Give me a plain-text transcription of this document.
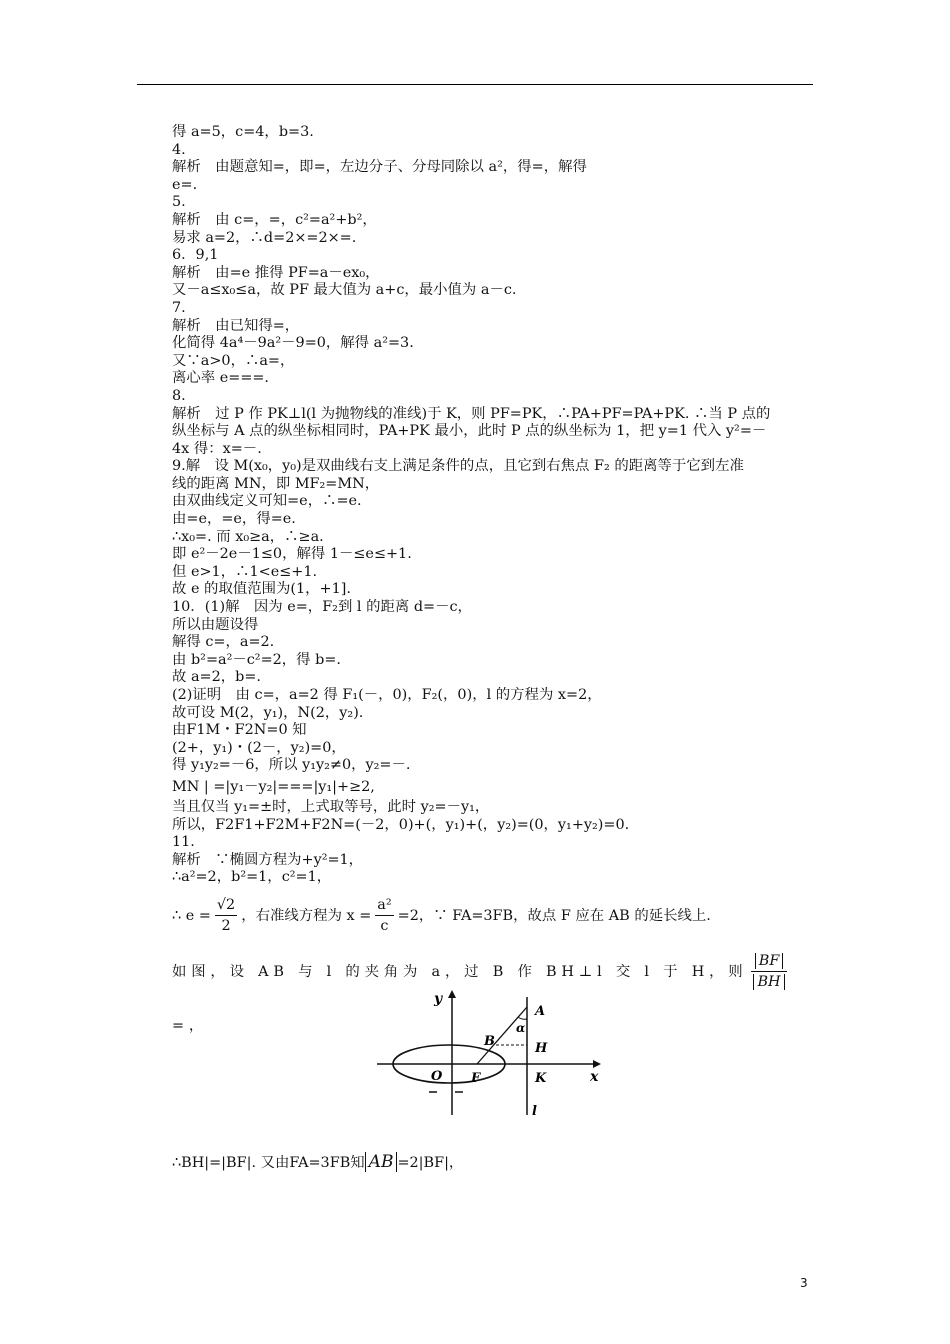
得 a=5，c=4，b=3.
4.
解析　由题意知=，即=，左边分子、分母同除以 a²，得=，解得
e=.
5.
解析　由 c=，=，c²=a²+b²，
易求 a=2，∴d=2×=2×=.
6．9,1
解析　由=e 推得 PF=a－ex₀，
又－a≤x₀≤a，故 PF 最大值为 a+c，最小值为 a－c.
7.
解析　由已知得=，
化简得 4a⁴－9a²－9=0，解得 a²=3.
又∵a>0，∴a=，
离心率 e===.
8.
解析　过 P 作 PK⊥l(l 为抛物线的准线)于 K，则 PF=PK，∴PA+PF=PA+PK. ∴当 P 点的
纵坐标与 A 点的纵坐标相同时，PA+PK 最小，此时 P 点的纵坐标为 1，把 y=1 代入 y²=－
4x 得：x=－.
9.解　设 M(x₀，y₀)是双曲线右支上满足条件的点，且它到右焦点 F₂ 的距离等于它到左准
线的距离 MN，即 MF₂=MN，
由双曲线定义可知=e，∴=e.
由=e，=e，得=e.
∴x₀=. 而 x₀≥a，∴≥a.
即 e²－2e－1≤0，解得 1－≤e≤+1.
但 e>1，∴1<e≤+1.
故 e 的取值范围为(1，+1].
10．(1)解　因为 e=，F₂到 l 的距离 d=－c，
所以由题设得
解得 c=，a=2.
由 b²=a²－c²=2，得 b=.
故 a=2，b=.
(2)证明　由 c=，a=2 得 F₁(－，0)，F₂(，0)，l 的方程为 x=2，
故可设 M(2，y₁)，N(2，y₂).
由F1M・F2N=0 知
(2+，y₁)・(2－，y₂)=0，
得 y₁y₂=－6，所以 y₁y₂≠0，y₂=－.
MN | =|y₁－y₂|===|y₁|+≥2,
当且仅当 y₁=±时，上式取等号，此时 y₂=－y₁，
所以，F2F1+F2M+F2N=(－2，0)+(，y₁)+(，y₂)=(0，y₁+y₂)=0.
11.
解析　∵椭圆方程为+y²=1，
∴a²=2，b²=1，c²=1，
∴ $e = \frac{√2}{2}$ ，右准线方程为 $x = \frac{\text{a²}}{c} =2$，∵ FA=3FB，故点 F 应在 AB 的延长线上.
如图，设 AB 与 l 的夹角为 a，过 B 作 BH⊥l 交 l 于 H，则 $\frac{BF}{BH}$
=，
y
x
O F
B
A
H
K
l
α
∴BH|=|BF|. 又由FA=3FB知 AB =2|BF|，
3
